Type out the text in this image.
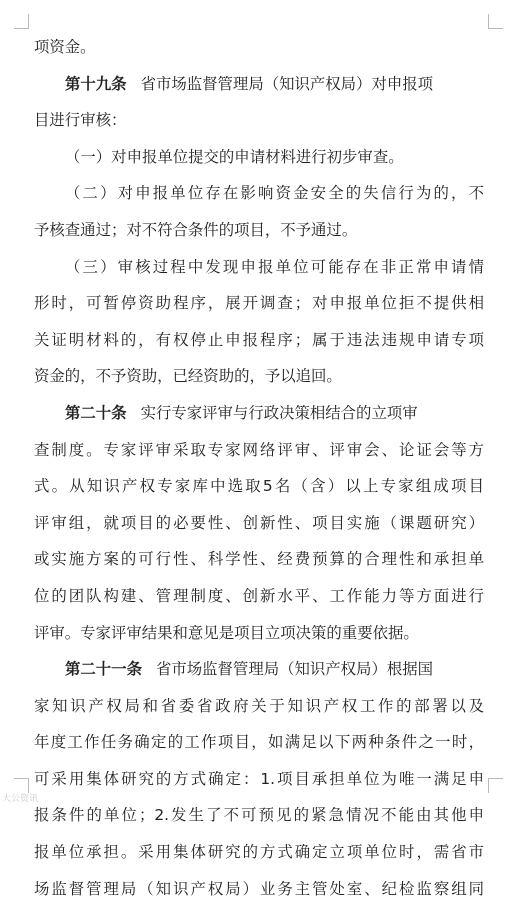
项资金。
第十九条 省市场监督管理局（知识产权局）对申报项
目进行审核：
（一）对申报单位提交的申请材料进行初步审查。
（二）对申报单位存在影响资金安全的失信行为的，不
予核查通过；对不符合条件的项目，不予通过。
（三）审核过程中发现申报单位可能存在非正常申请情
形时，可暂停资助程序，展开调查；对申报单位拒不提供相
关证明材料的，有权停止申报程序；属于违法违规申请专项
资金的，不予资助，已经资助的，予以追回。
第二十条 实行专家评审与行政决策相结合的立项审
查制度。专家评审采取专家网络评审、评审会、论证会等方
式。从知识产权专家库中选取5名（含）以上专家组成项目
评审组，就项目的必要性、创新性、项目实施（课题研究）
或实施方案的可行性、科学性、经费预算的合理性和承担单
位的团队构建、管理制度、创新水平、工作能力等方面进行
评审。专家评审结果和意见是项目立项决策的重要依据。
第二十一条 省市场监督管理局（知识产权局）根据国
家知识产权局和省委省政府关于知识产权工作的部署以及
年度工作任务确定的工作项目，如满足以下两种条件之一时，
可采用集体研究的方式确定：1.项目承担单位为唯一满足申
报条件的单位；2.发生了不可预见的紧急情况不能由其他申
报单位承担。采用集体研究的方式确定立项单位时，需省市
场监督管理局（知识产权局）业务主管处室、纪检监察组同
大公资讯
